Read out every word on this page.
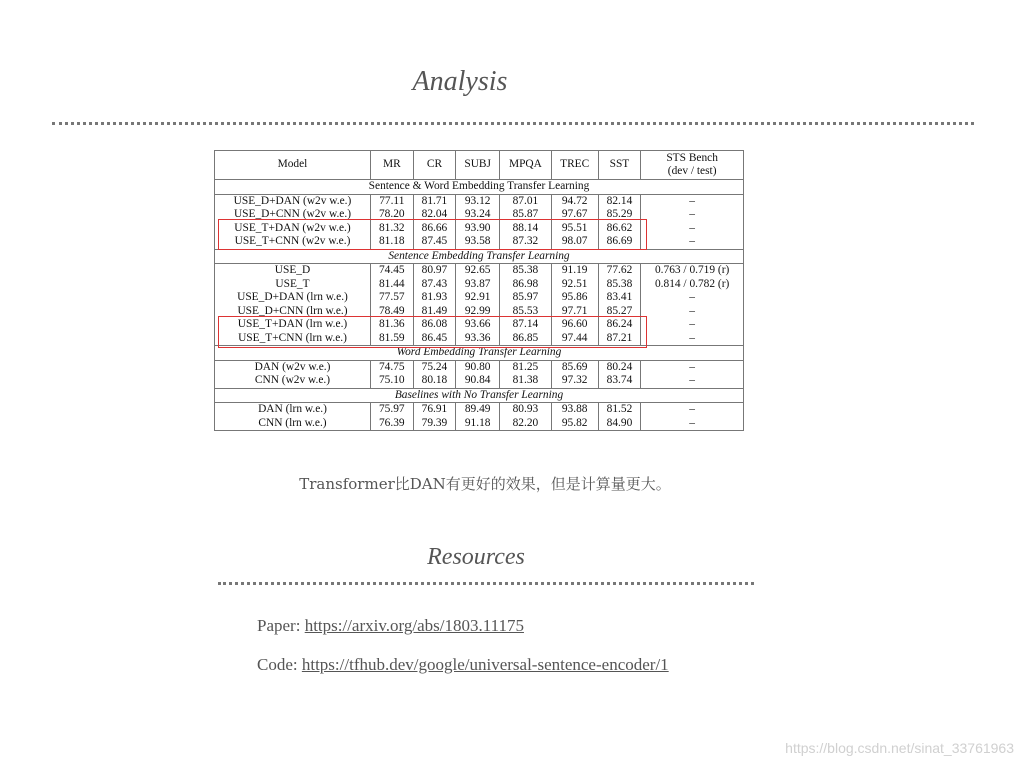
Analysis
Model	MR	CR	SUBJ	MPQA	TREC	SST	STS Bench
(dev / test)
Sentence & Word Embedding Transfer Learning							
USE_D+DAN (w2v w.e.)	77.11	81.71	93.12	87.01	94.72	82.14	–
USE_D+CNN (w2v w.e.)	78.20	82.04	93.24	85.87	97.67	85.29	–
USE_T+DAN (w2v w.e.)	81.32	86.66	93.90	88.14	95.51	86.62	–
USE_T+CNN (w2v w.e.)	81.18	87.45	93.58	87.32	98.07	86.69	–
Sentence Embedding Transfer Learning							
USE_D	74.45	80.97	92.65	85.38	91.19	77.62	0.763 / 0.719 (r)
USE_T	81.44	87.43	93.87	86.98	92.51	85.38	0.814 / 0.782 (r)
USE_D+DAN (lrn w.e.)	77.57	81.93	92.91	85.97	95.86	83.41	–
USE_D+CNN (lrn w.e.)	78.49	81.49	92.99	85.53	97.71	85.27	–
USE_T+DAN (lrn w.e.)	81.36	86.08	93.66	87.14	96.60	86.24	–
USE_T+CNN (lrn w.e.)	81.59	86.45	93.36	86.85	97.44	87.21	–
Word Embedding Transfer Learning							
DAN (w2v w.e.)	74.75	75.24	90.80	81.25	85.69	80.24	–
CNN (w2v w.e.)	75.10	80.18	90.84	81.38	97.32	83.74	–
Baselines with No Transfer Learning							
DAN (lrn w.e.)	75.97	76.91	89.49	80.93	93.88	81.52	–
CNN (lrn w.e.)	76.39	79.39	91.18	82.20	95.82	84.90	–
Transformer比DAN有更好的效果，但是计算量更大。
Resources
Paper: https://arxiv.org/abs/1803.11175
Code: https://tfhub.dev/google/universal-sentence-encoder/1
https://blog.csdn.net/sinat_33761963
